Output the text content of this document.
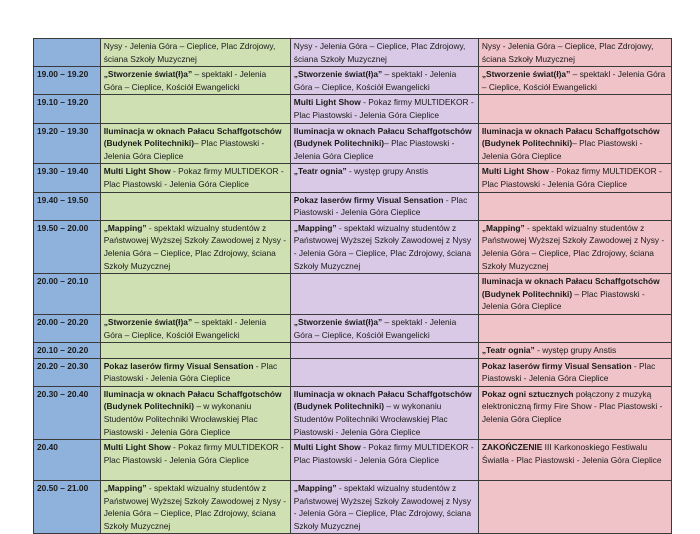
	Nysy - Jelenia Góra – Cieplice, Plac Zdrojowy, ściana Szkoły Muzycznej	Nysy - Jelenia Góra – Cieplice, Plac Zdrojowy, ściana Szkoły Muzycznej	Nysy - Jelenia Góra – Cieplice, Plac Zdrojowy, ściana Szkoły Muzycznej
19.00 – 19.20	„Stworzenie świat(ł)a” – spektakl - Jelenia Góra – Cieplice, Kościół Ewangelicki	„Stworzenie świat(ł)a” – spektakl - Jelenia Góra – Cieplice, Kościół Ewangelicki	„Stworzenie świat(ł)a” – spektakl - Jelenia Góra – Cieplice, Kościół Ewangelicki
19.10 – 19.20		Multi Light Show - Pokaz firmy MULTIDEKOR - Plac Piastowski - Jelenia Góra Cieplice	
19.20 – 19.30	Iluminacja w oknach Pałacu Schaffgotschów (Budynek Politechniki)– Plac Piastowski - Jelenia Góra Cieplice	Iluminacja w oknach Pałacu Schaffgotschów (Budynek Politechniki)– Plac Piastowski - Jelenia Góra Cieplice	Iluminacja w oknach Pałacu Schaffgotschów (Budynek Politechniki)– Plac Piastowski - Jelenia Góra Cieplice
19.30 – 19.40	Multi Light Show - Pokaz firmy MULTIDEKOR - Plac Piastowski - Jelenia Góra Cieplice	„Teatr ognia” - występ grupy Anstis	Multi Light Show - Pokaz firmy MULTIDEKOR - Plac Piastowski - Jelenia Góra Cieplice
19.40 – 19.50		Pokaz laserów firmy Visual Sensation - Plac Piastowski - Jelenia Góra Cieplice	
19.50 – 20.00	„Mapping” - spektakl wizualny studentów z Państwowej Wyższej Szkoły Zawodowej z Nysy - Jelenia Góra – Cieplice, Plac Zdrojowy, ściana Szkoły Muzycznej	„Mapping” - spektakl wizualny studentów z Państwowej Wyższej Szkoły Zawodowej z Nysy - Jelenia Góra – Cieplice, Plac Zdrojowy, ściana Szkoły Muzycznej	„Mapping” - spektakl wizualny studentów z Państwowej Wyższej Szkoły Zawodowej z Nysy - Jelenia Góra – Cieplice, Plac Zdrojowy, ściana Szkoły Muzycznej
20.00 – 20.10			Iluminacja w oknach Pałacu Schaffgotschów (Budynek Politechniki) – Plac Piastowski - Jelenia Góra Cieplice
20.00 – 20.20	„Stworzenie świat(ł)a” – spektakl - Jelenia Góra – Cieplice, Kościół Ewangelicki	„Stworzenie świat(ł)a” – spektakl - Jelenia Góra – Cieplice, Kościół Ewangelicki	
20.10 – 20.20			„Teatr ognia” - występ grupy Anstis
20.20 – 20.30	Pokaz laserów firmy Visual Sensation - Plac Piastowski - Jelenia Góra Cieplice		Pokaz laserów firmy Visual Sensation - Plac Piastowski - Jelenia Góra Cieplice
20.30 – 20.40	Iluminacja w oknach Pałacu Schaffgotschów (Budynek Politechniki) – w wykonaniu Studentów Politechniki Wrocławskiej Plac Piastowski - Jelenia Góra Cieplice	Iluminacja w oknach Pałacu Schaffgotschów (Budynek Politechniki) – w wykonaniu Studentów Politechniki Wrocławskiej Plac Piastowski - Jelenia Góra Cieplice	Pokaz ogni sztucznych połączony z muzyką elektroniczną firmy Fire Show - Plac Piastowski - Jelenia Góra Cieplice
20.40	Multi Light Show - Pokaz firmy MULTIDEKOR - Plac Piastowski - Jelenia Góra Cieplice	Multi Light Show - Pokaz firmy MULTIDEKOR - Plac Piastowski - Jelenia Góra Cieplice	ZAKOŃCZENIE III Karkonoskiego Festiwalu Światła - Plac Piastowski - Jelenia Góra Cieplice
20.50 – 21.00	„Mapping” - spektakl wizualny studentów z Państwowej Wyższej Szkoły Zawodowej z Nysy - Jelenia Góra – Cieplice, Plac Zdrojowy, ściana Szkoły Muzycznej	„Mapping” - spektakl wizualny studentów z Państwowej Wyższej Szkoły Zawodowej z Nysy - Jelenia Góra – Cieplice, Plac Zdrojowy, ściana Szkoły Muzycznej	
